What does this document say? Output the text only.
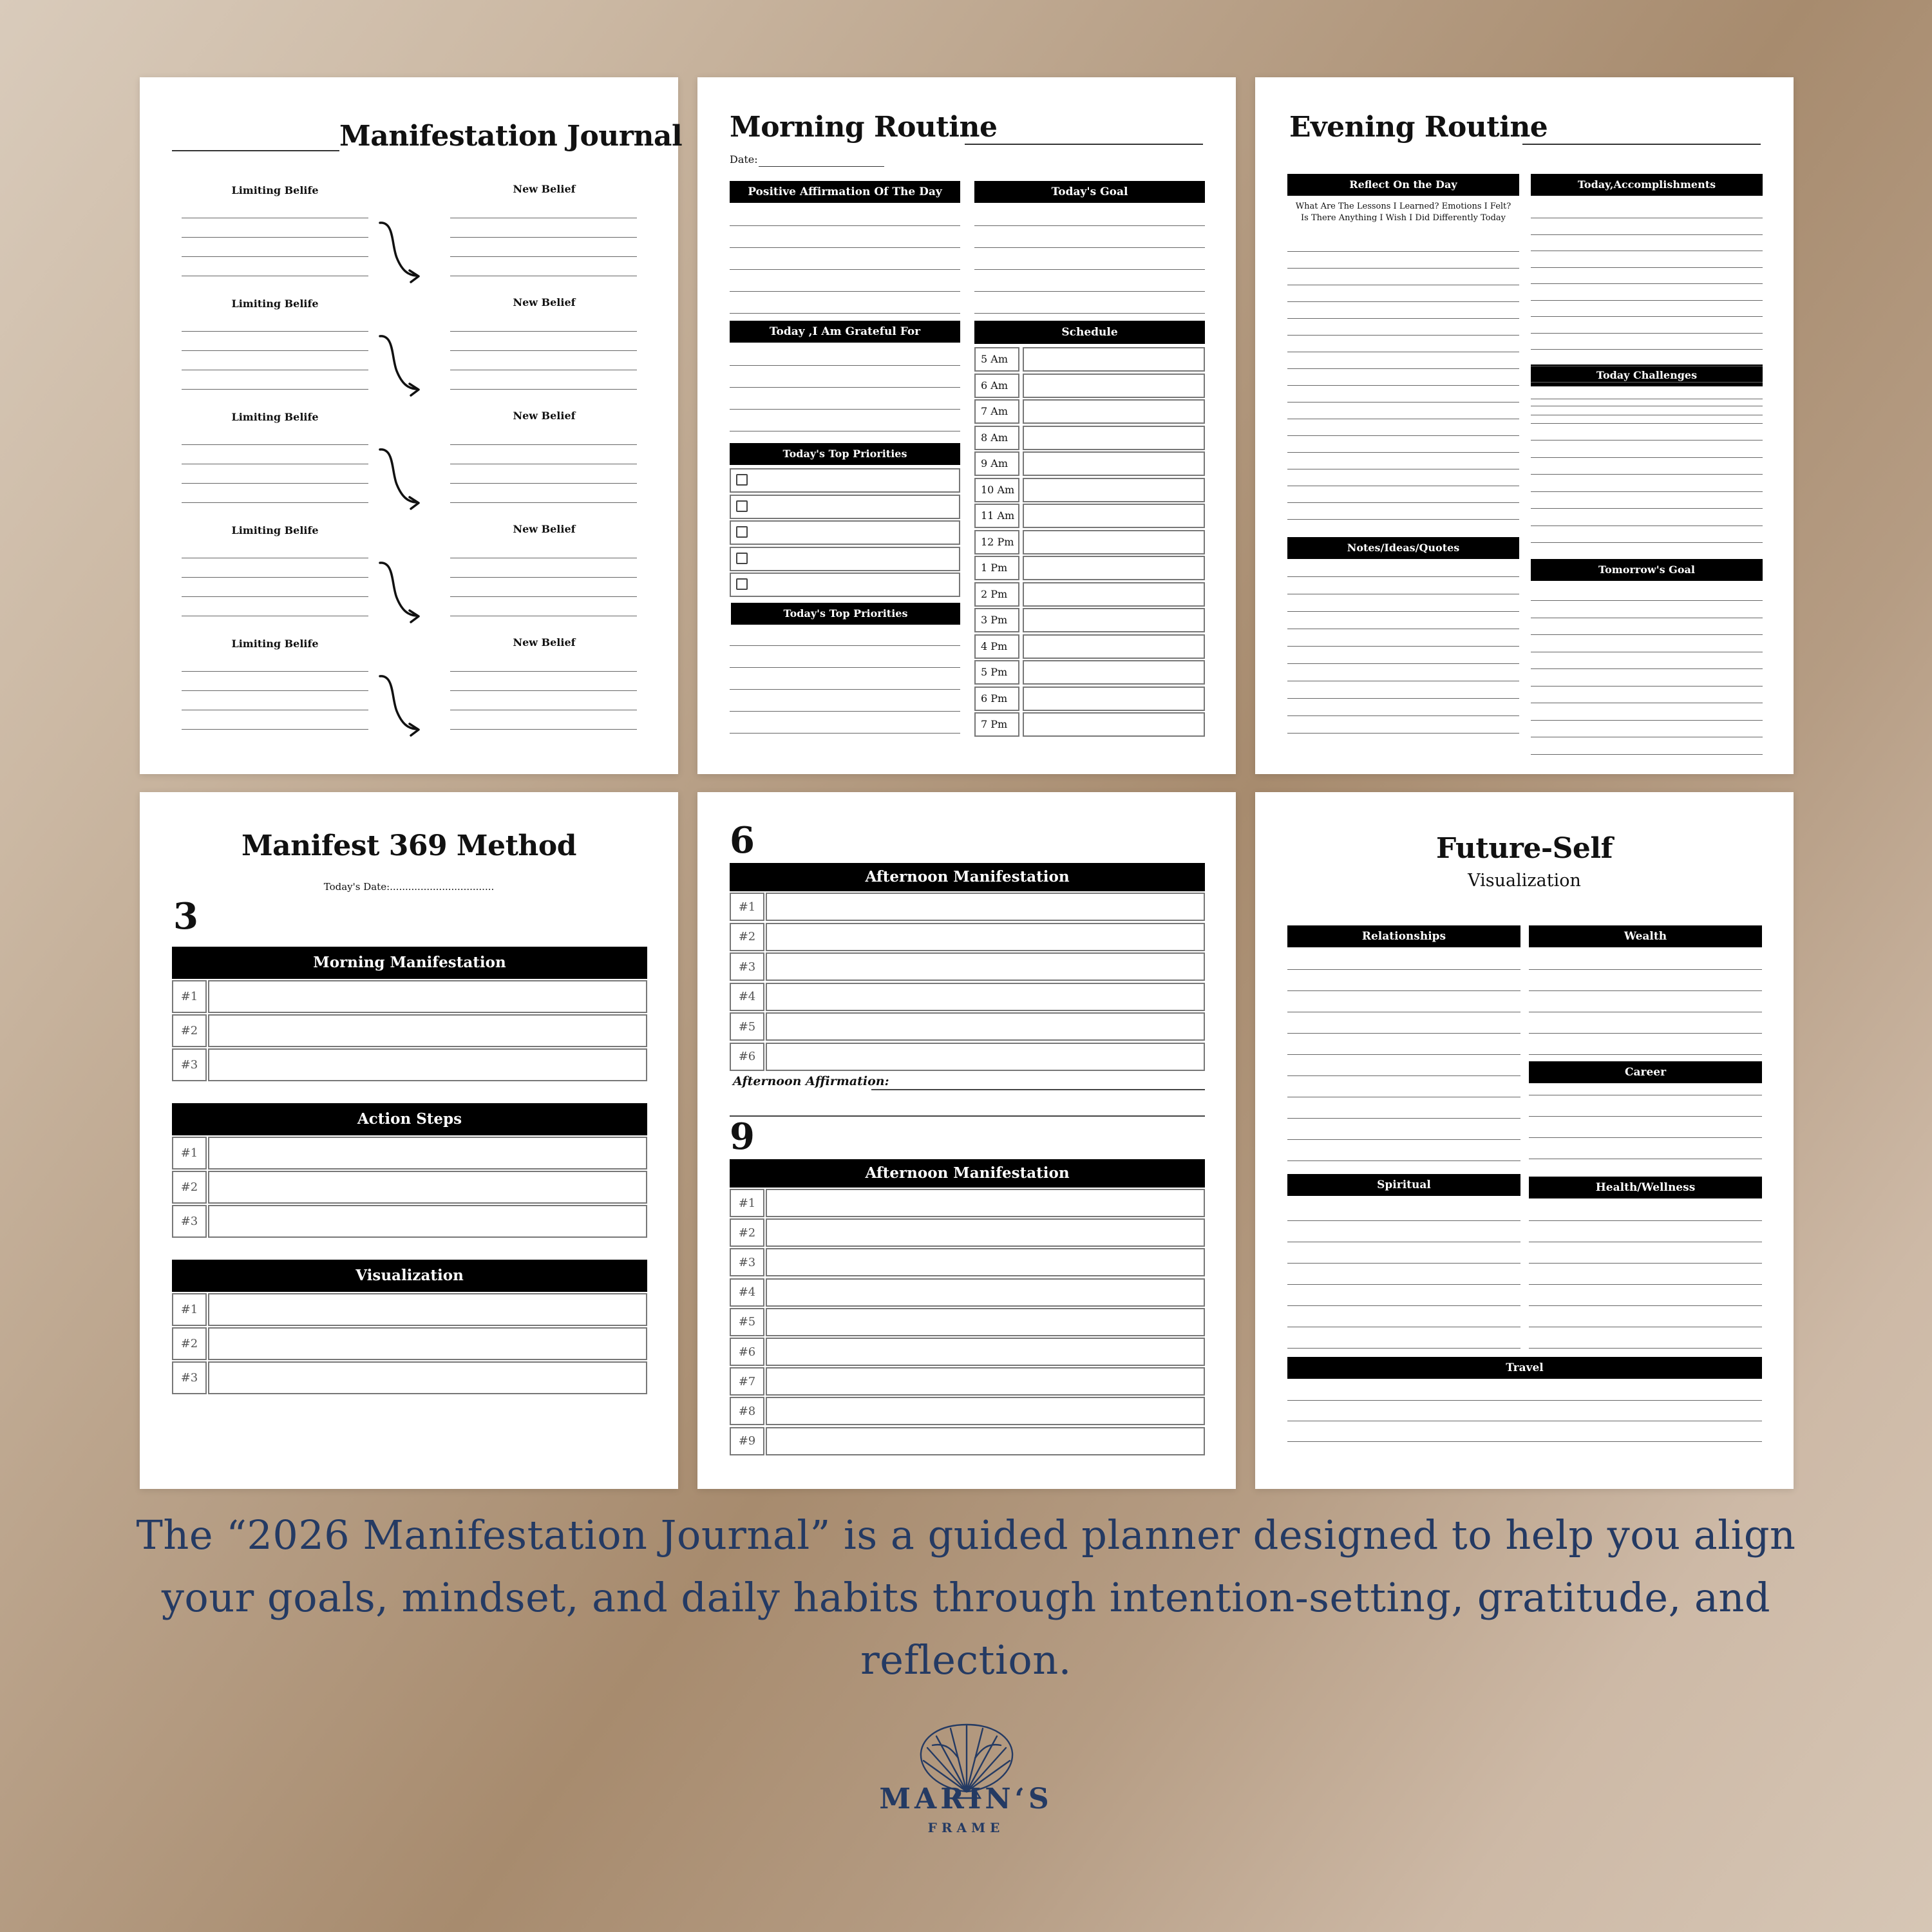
Manifestation Journal
Limiting Belife	New Belief
Limiting Belife	New Belief
Limiting Belife	New Belief
Limiting Belife	New Belief
Limiting Belife	New Belief
Morning Routine
Date:
Positive Affirmation Of The Day	Today's Goal
Today ,I Am Grateful For	Schedule
5 Am
6 Am
7 Am
8 Am
9 Am
10 Am
11 Am
12 Pm
1 Pm
2 Pm
3 Pm
4 Pm
5 Pm
6 Pm
7 Pm
Today's Top Priorities
Today's Top Priorities
Evening Routine
Reflect On the Day
What Are The Lessons I Learned? Emotions I Felt? Is There Anything I Wish I Did Differently Today
Today,Accomplishments
Today Challenges
Notes/Ideas/Quotes
Tomorrow's Goal
Manifest 369 Method
Today's Date:..................................
3
Morning Manifestation
Action Steps
Visualization
#1
#2
#3
#1
#2
#3
#1
#2
#3
6
Afternoon Manifestation
Afternoon Affirmation:
9
Afternoon Manifestation
#1
#2
#3
#4
#5
#6
#1
#2
#3
#4
#5
#6
#7
#8
#9
Future-Self
Visualization
Relationships	Wealth
Career
Spiritual	Health/Wellness
Travel
The “2026 Manifestation Journal” is a guided planner designed to help you align your goals, mindset, and daily habits through intention-setting, gratitude, and reflection.
MARIN‘S
FRAME
